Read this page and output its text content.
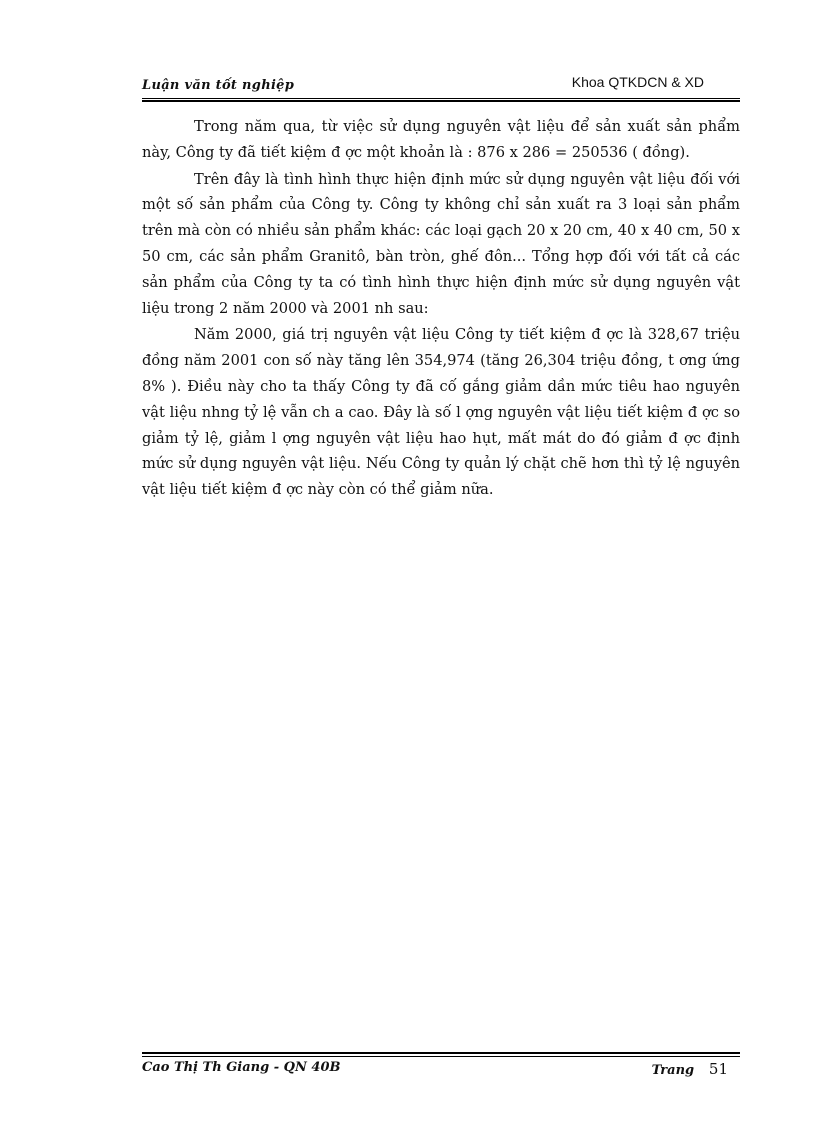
Luận văn tốt nghiệp	Khoa QTKDCN & XD

Trong năm qua, từ việc sử dụng nguyên vật liệu để sản xuất sản phẩm này, Công ty đã tiết kiệm đ ợc một khoản là : 876 x 286 = 250536 ( đồng).

Trên đây là tình hình thực hiện định mức sử dụng nguyên vật liệu đối với một số sản phẩm của Công ty. Công ty không chỉ sản xuất ra 3 loại sản phẩm trên mà còn có nhiều sản phẩm khác: các loại gạch 20 x 20 cm, 40 x 40 cm, 50 x 50 cm, các sản phẩm Granitô, bàn tròn, ghế đôn... Tổng hợp đối với tất cả các sản phẩm của Công ty ta có tình hình thực hiện định mức sử dụng nguyên vật liệu trong 2 năm 2000 và 2001 nh sau:

Năm 2000, giá trị nguyên vật liệu Công ty tiết kiệm đ ợc là 328,67 triệu đồng năm 2001 con số này tăng lên 354,974 (tăng 26,304 triệu đồng, t ơng ứng 8% ). Điều này cho ta thấy Công ty đã cố gắng giảm dần mức tiêu hao nguyên vật liệu nhng tỷ lệ vẫn ch a cao. Đây là số l ợng nguyên vật liệu tiết kiệm đ ợc so giảm tỷ lệ, giảm l ợng nguyên vật liệu hao hụt, mất mát do đó giảm đ ợc định mức sử dụng nguyên vật liệu. Nếu Công ty quản lý chặt chẽ hơn thì tỷ lệ nguyên vật liệu tiết kiệm đ ợc này còn có thể giảm nữa.

Cao Thị Th Giang - QN 40B	Trang 51
